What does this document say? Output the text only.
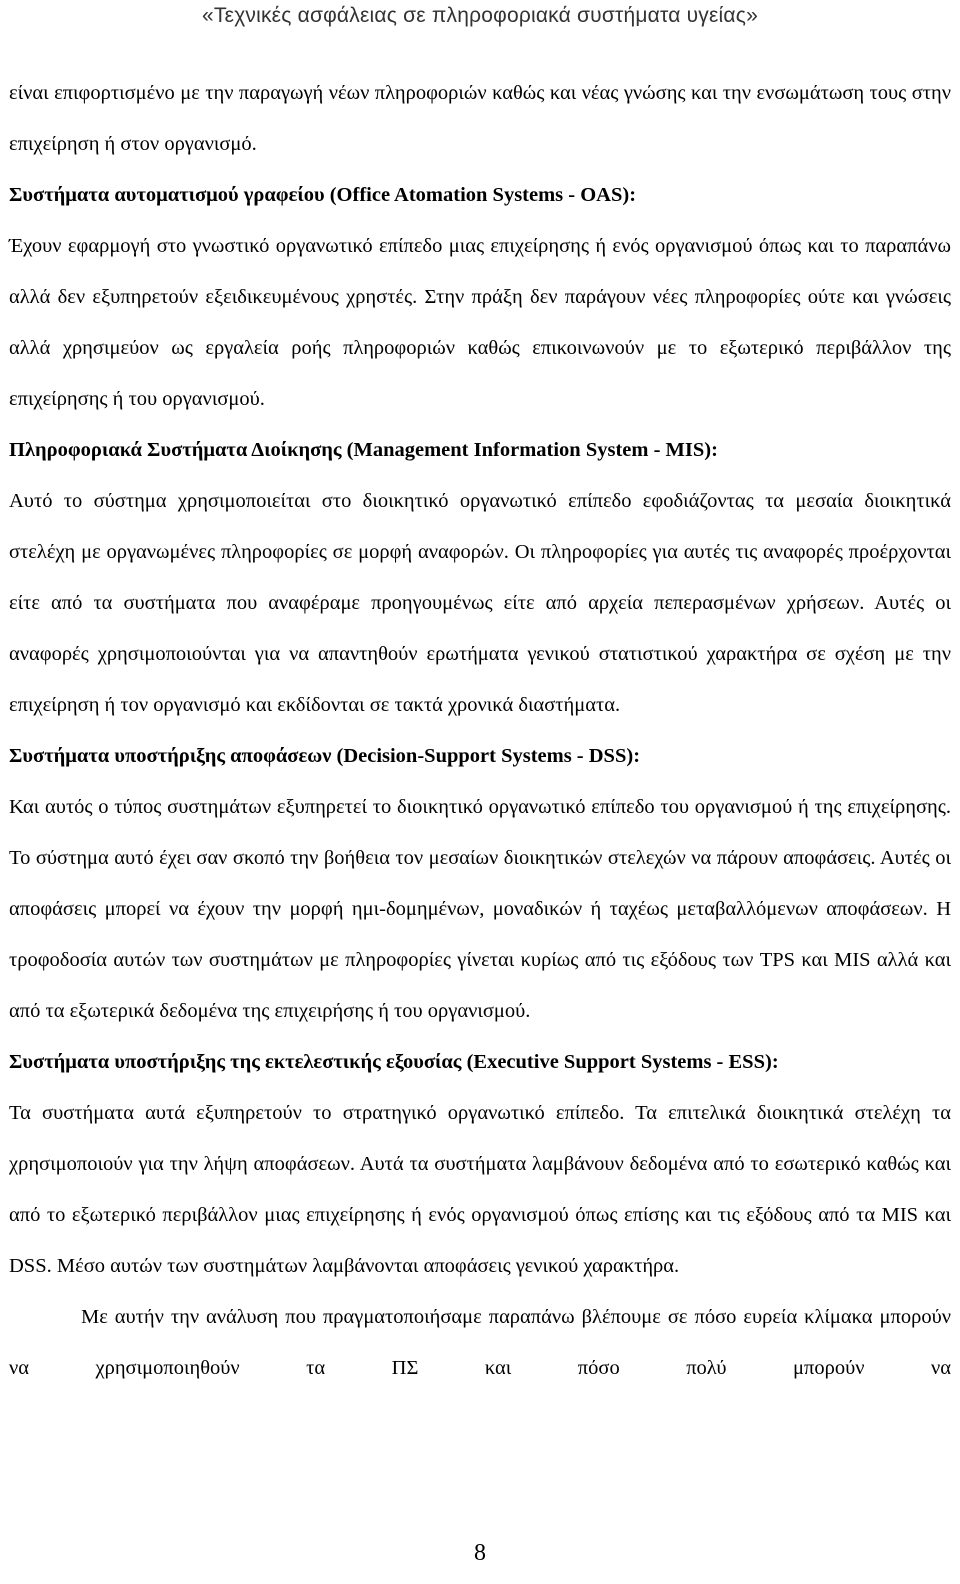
«Τεχνικές ασφάλειας σε πληροφοριακά συστήματα υγείας»

είναι επιφορτισμένο με την παραγωγή νέων πληροφοριών καθώς και νέας γνώσης και την ενσωμάτωση τους στην επιχείρηση ή στον οργανισμό.

Συστήματα αυτοματισμού γραφείου (Office Atomation Systems - OAS):

Έχουν εφαρμογή στο γνωστικό οργανωτικό επίπεδο μιας επιχείρησης ή ενός οργανισμού όπως και το παραπάνω αλλά δεν εξυπηρετούν εξειδικευμένους χρηστές. Στην πράξη δεν παράγουν νέες πληροφορίες ούτε και γνώσεις αλλά χρησιμεύον ως εργαλεία ροής πληροφοριών καθώς επικοινωνούν με το εξωτερικό περιβάλλον της επιχείρησης ή του οργανισμού.

Πληροφοριακά Συστήματα Διοίκησης (Management Information System - MIS):

Αυτό το σύστημα χρησιμοποιείται στο διοικητικό οργανωτικό επίπεδο εφοδιάζοντας τα μεσαία διοικητικά στελέχη με οργανωμένες πληροφορίες σε μορφή αναφορών. Οι πληροφορίες για αυτές τις αναφορές προέρχονται είτε από τα συστήματα που αναφέραμε προηγουμένως είτε από αρχεία πεπερασμένων χρήσεων. Αυτές οι αναφορές χρησιμοποιούνται για να απαντηθούν ερωτήματα γενικού στατιστικού χαρακτήρα σε σχέση με την επιχείρηση ή τον οργανισμό και εκδίδονται σε τακτά χρονικά διαστήματα.

Συστήματα υποστήριξης αποφάσεων (Decision-Support Systems - DSS):

Και αυτός ο τύπος συστημάτων εξυπηρετεί το διοικητικό οργανωτικό επίπεδο του οργανισμού ή της επιχείρησης. Το σύστημα αυτό έχει σαν σκοπό την βοήθεια τον μεσαίων διοικητικών στελεχών να πάρουν αποφάσεις. Αυτές οι αποφάσεις μπορεί να έχουν την μορφή ημι-δομημένων, μοναδικών ή ταχέως μεταβαλλόμενων αποφάσεων. Η τροφοδοσία αυτών των συστημάτων με πληροφορίες γίνεται κυρίως από τις εξόδους των TPS και MIS αλλά και από τα εξωτερικά δεδομένα της επιχειρήσης ή του οργανισμού.

Συστήματα υποστήριξης της εκτελεστικής εξουσίας (Executive Support Systems - ESS):

Τα συστήματα αυτά εξυπηρετούν το στρατηγικό οργανωτικό επίπεδο. Τα επιτελικά διοικητικά στελέχη τα χρησιμοποιούν για την λήψη αποφάσεων. Αυτά τα συστήματα λαμβάνουν δεδομένα από το εσωτερικό καθώς και από το εξωτερικό περιβάλλον μιας επιχείρησης ή ενός οργανισμού όπως επίσης και τις εξόδους από τα MIS και DSS. Μέσο αυτών των συστημάτων λαμβάνονται αποφάσεις γενικού χαρακτήρα.

Με αυτήν την ανάλυση που πραγματοποιήσαμε παραπάνω βλέπουμε σε πόσο ευρεία κλίμακα μπορούν να χρησιμοποιηθούν τα ΠΣ και πόσο πολύ μπορούν να

8
